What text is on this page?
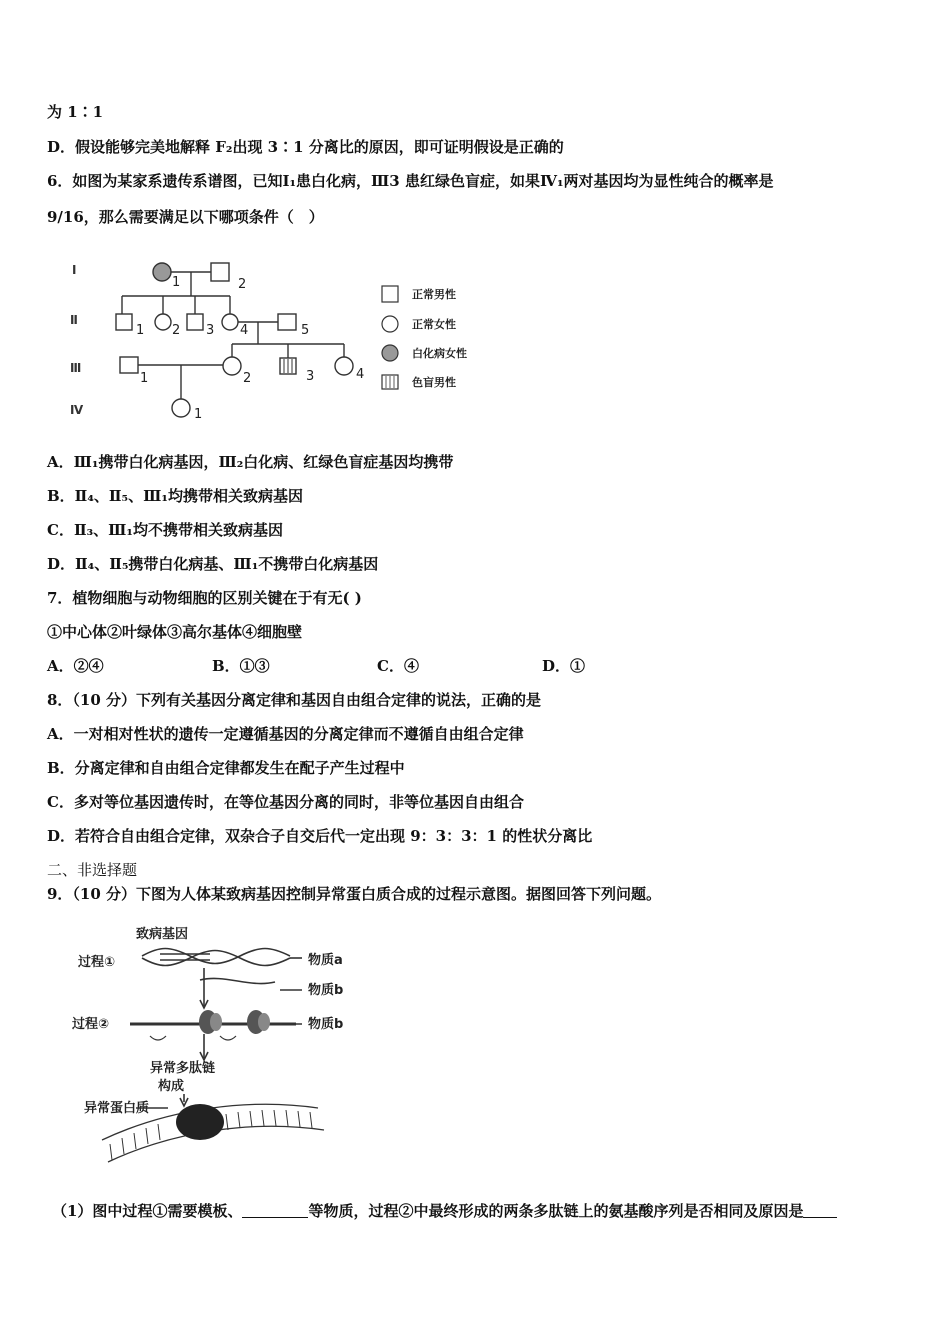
为 1∶1
D．假设能够完美地解释 F₂出现 3∶1 分离比的原因，即可证明假设是正确的
6．如图为某家系遗传系谱图，已知Ⅰ₁患白化病，Ⅲ3 患红绿色盲症，如果Ⅳ₁两对基因均为显性纯合的概率是
9/16，那么需要满足以下哪项条件（　）
Ⅰ
Ⅱ
Ⅲ
Ⅳ
1	2
1 2 3 4	5
1	2	3	4
1
正常男性
正常女性
白化病女性
色盲男性
A．Ⅲ₁携带白化病基因，Ⅲ₂白化病、红绿色盲症基因均携带
B．Ⅱ₄、Ⅱ₅、Ⅲ₁均携带相关致病基因
C．Ⅱ₃、Ⅲ₁均不携带相关致病基因
D．Ⅱ₄、Ⅱ₅携带白化病基、Ⅲ₁不携带白化病基因
7．植物细胞与动物细胞的区别关键在于有无( )
①中心体②叶绿体③高尔基体④细胞壁
A．②④	B．①③	C．④	D．①
8．（10 分）下列有关基因分离定律和基因自由组合定律的说法，正确的是
A．一对相对性状的遗传一定遵循基因的分离定律而不遵循自由组合定律
B．分离定律和自由组合定律都发生在配子产生过程中
C．多对等位基因遗传时，在等位基因分离的同时，非等位基因自由组合
D．若符合自由组合定律，双杂合子自交后代一定出现 9：3：3：1 的性状分离比
二、非选择题
9．（10 分）下图为人体某致病基因控制异常蛋白质合成的过程示意图。据图回答下列问题。
致病基因
过程①	物质a
物质b
过程②	物质b
异常多肽链
构成
异常蛋白质
（1）图中过程①需要模板、	等物质，过程②中最终形成的两条多肽链上的氨基酸序列是否相同及原因是
